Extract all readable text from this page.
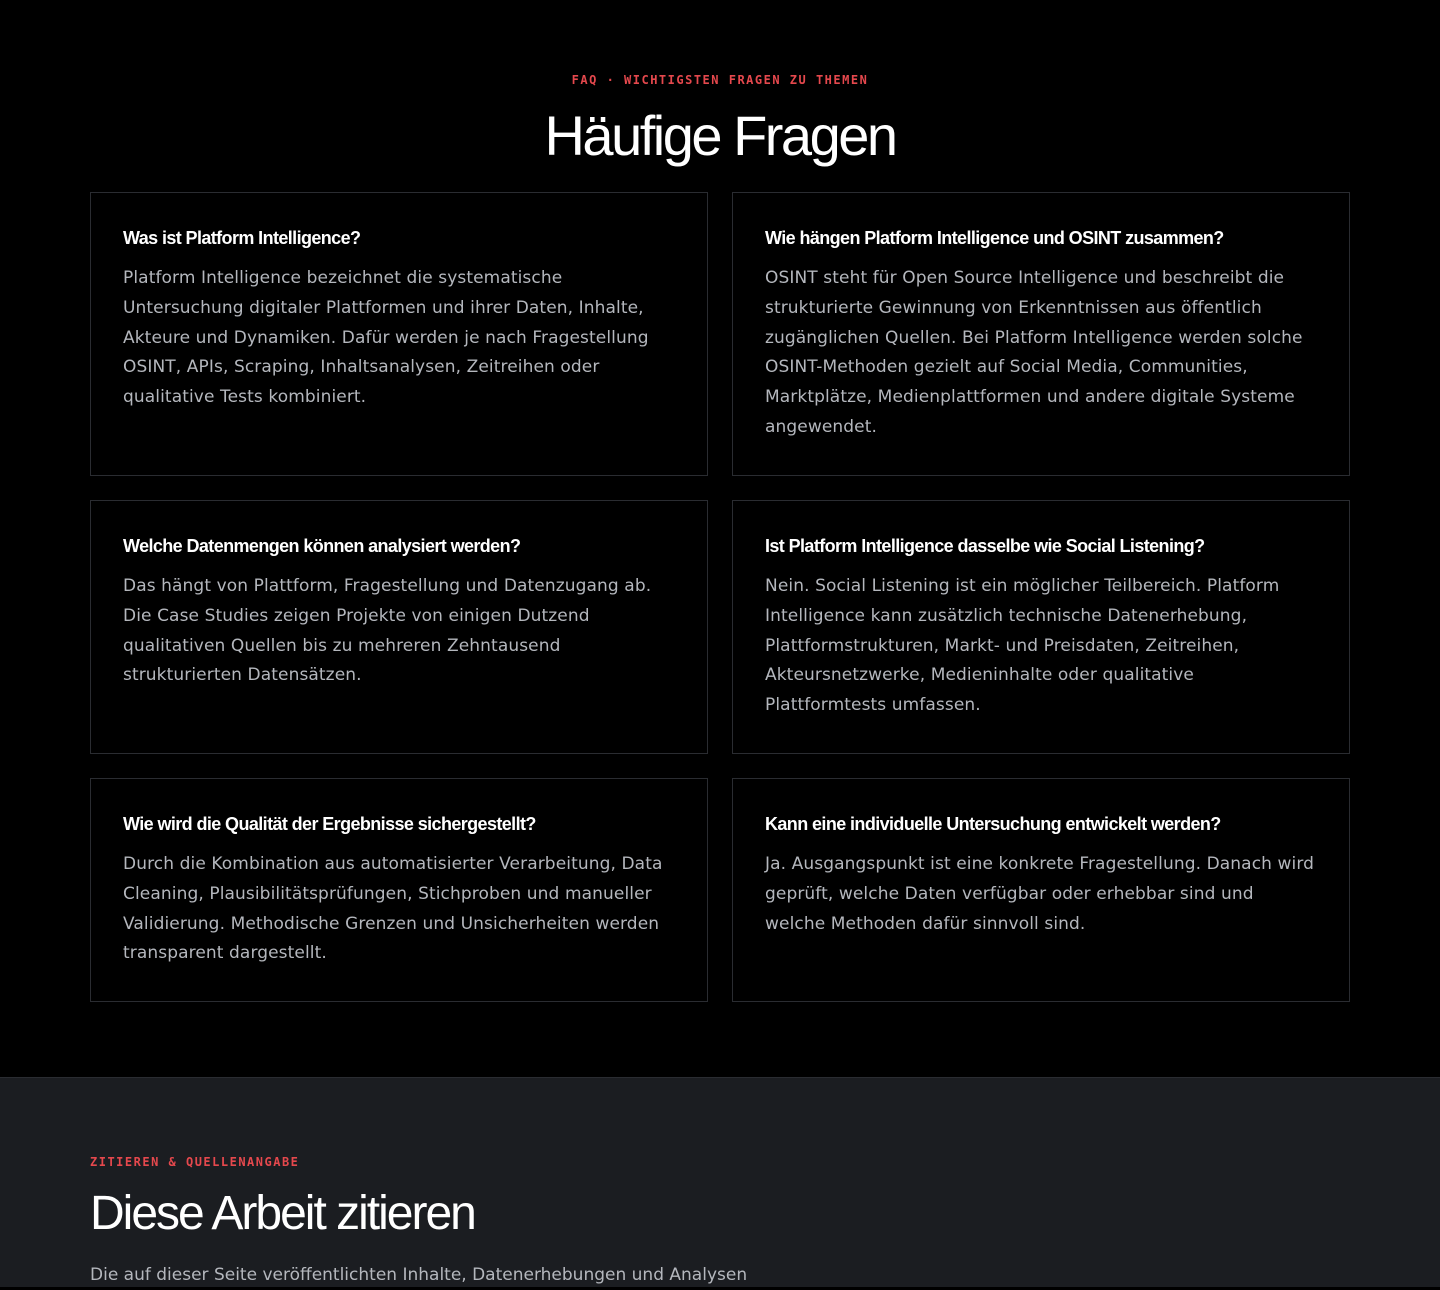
FAQ · WICHTIGSTEN FRAGEN ZU THEMEN
Häufige Fragen
Was ist Platform Intelligence?

Platform Intelligence bezeichnet die systematische Untersuchung digitaler Plattformen und ihrer Daten, Inhalte, Akteure und Dynamiken. Dafür werden je nach Fragestellung OSINT, APIs, Scraping, Inhaltsanalysen, Zeitreihen oder qualitative Tests kombiniert.

Wie hängen Platform Intelligence und OSINT zusammen?

OSINT steht für Open Source Intelligence und beschreibt die strukturierte Gewinnung von Erkenntnissen aus öffentlich zugänglichen Quellen. Bei Platform Intelligence werden solche OSINT-Methoden gezielt auf Social Media, Communities, Marktplätze, Medienplattformen und andere digitale Systeme angewendet.

Welche Datenmengen können analysiert werden?

Das hängt von Plattform, Fragestellung und Datenzugang ab. Die Case Studies zeigen Projekte von einigen Dutzend qualitativen Quellen bis zu mehreren Zehntausend strukturierten Datensätzen.

Ist Platform Intelligence dasselbe wie Social Listening?

Nein. Social Listening ist ein möglicher Teilbereich. Platform Intelligence kann zusätzlich technische Datenerhebung, Plattformstrukturen, Markt- und Preisdaten, Zeitreihen, Akteursnetzwerke, Medieninhalte oder qualitative Plattformtests umfassen.

Wie wird die Qualität der Ergebnisse sichergestellt?

Durch die Kombination aus automatisierter Verarbeitung, Data Cleaning, Plausibilitätsprüfungen, Stichproben und manueller Validierung. Methodische Grenzen und Unsicherheiten werden transparent dargestellt.

Kann eine individuelle Untersuchung entwickelt werden?

Ja. Ausgangspunkt ist eine konkrete Fragestellung. Danach wird geprüft, welche Daten verfügbar oder erhebbar sind und welche Methoden dafür sinnvoll sind.

ZITIEREN & QUELLENANGABE
Diese Arbeit zitieren

Die auf dieser Seite veröffentlichten Inhalte, Datenerhebungen und Analysen
